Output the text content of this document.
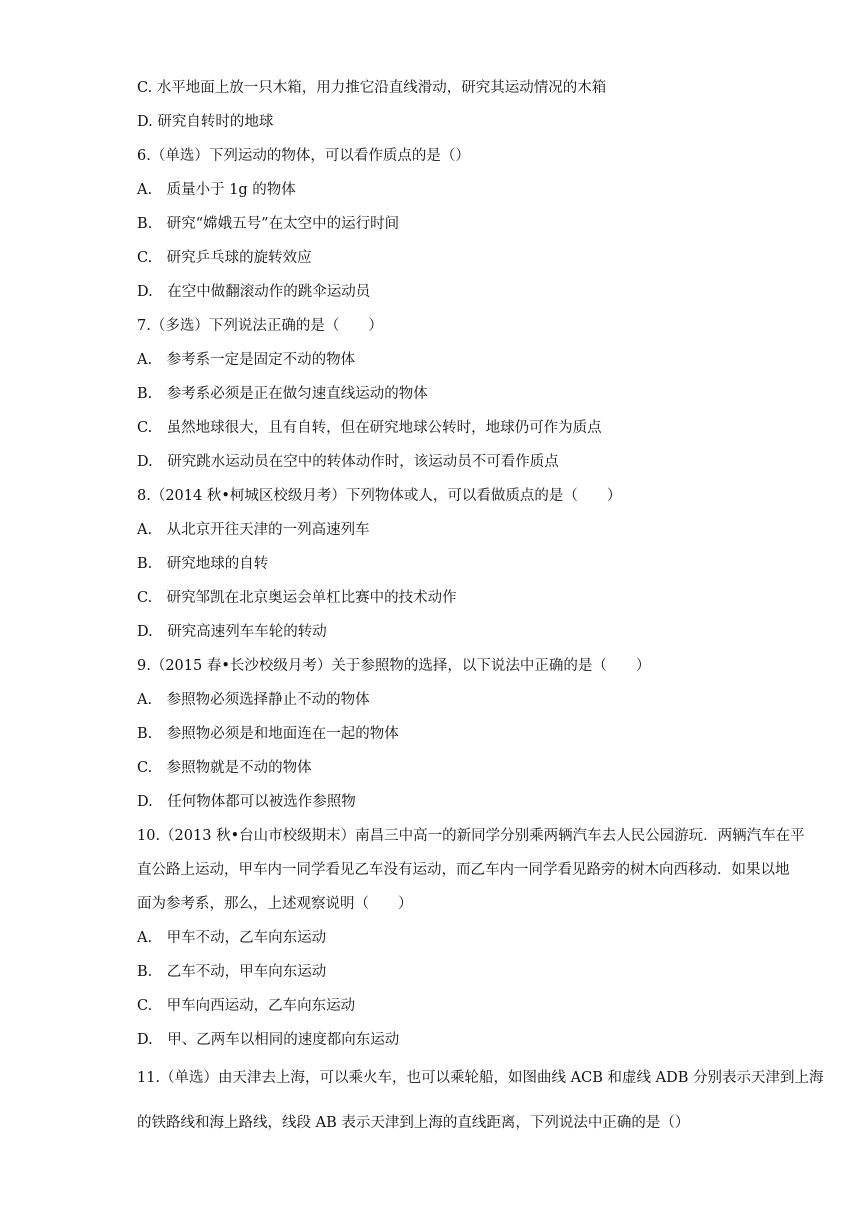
C. 水平地面上放一只木箱，用力推它沿直线滑动，研究其运动情况的木箱
D. 研究自转时的地球
6.（单选）下列运动的物体，可以看作质点的是（）
A.　质量小于 1g 的物体
B.　研究“嫦娥五号”在太空中的运行时间
C.　研究乒乓球的旋转效应
D.　在空中做翻滚动作的跳伞运动员
7.（多选）下列说法正确的是（　　）
A.　参考系一定是固定不动的物体
B.　参考系必须是正在做匀速直线运动的物体
C.　虽然地球很大，且有自转，但在研究地球公转时，地球仍可作为质点
D.　研究跳水运动员在空中的转体动作时，该运动员不可看作质点
8.（2014 秋•柯城区校级月考）下列物体或人，可以看做质点的是（　　）
A.　从北京开往天津的一列高速列车
B.　研究地球的自转
C.　研究邹凯在北京奥运会单杠比赛中的技术动作
D.　研究高速列车车轮的转动
9.（2015 春•长沙校级月考）关于参照物的选择，以下说法中正确的是（　　）
A.　参照物必须选择静止不动的物体
B.　参照物必须是和地面连在一起的物体
C.　参照物就是不动的物体
D.　任何物体都可以被选作参照物
10.（2013 秋•台山市校级期末）南昌三中高一的新同学分别乘两辆汽车去人民公园游玩．两辆汽车在平
直公路上运动，甲车内一同学看见乙车没有运动，而乙车内一同学看见路旁的树木向西移动．如果以地
面为参考系，那么，上述观察说明（　　）
A.　甲车不动，乙车向东运动
B.　乙车不动，甲车向东运动
C.　甲车向西运动，乙车向东运动
D.　甲、乙两车以相同的速度都向东运动
11.（单选）由天津去上海，可以乘火车，也可以乘轮船，如图曲线 ACB 和虚线 ADB 分别表示天津到上海
的铁路线和海上路线，线段 AB 表示天津到上海的直线距离，下列说法中正确的是（）
